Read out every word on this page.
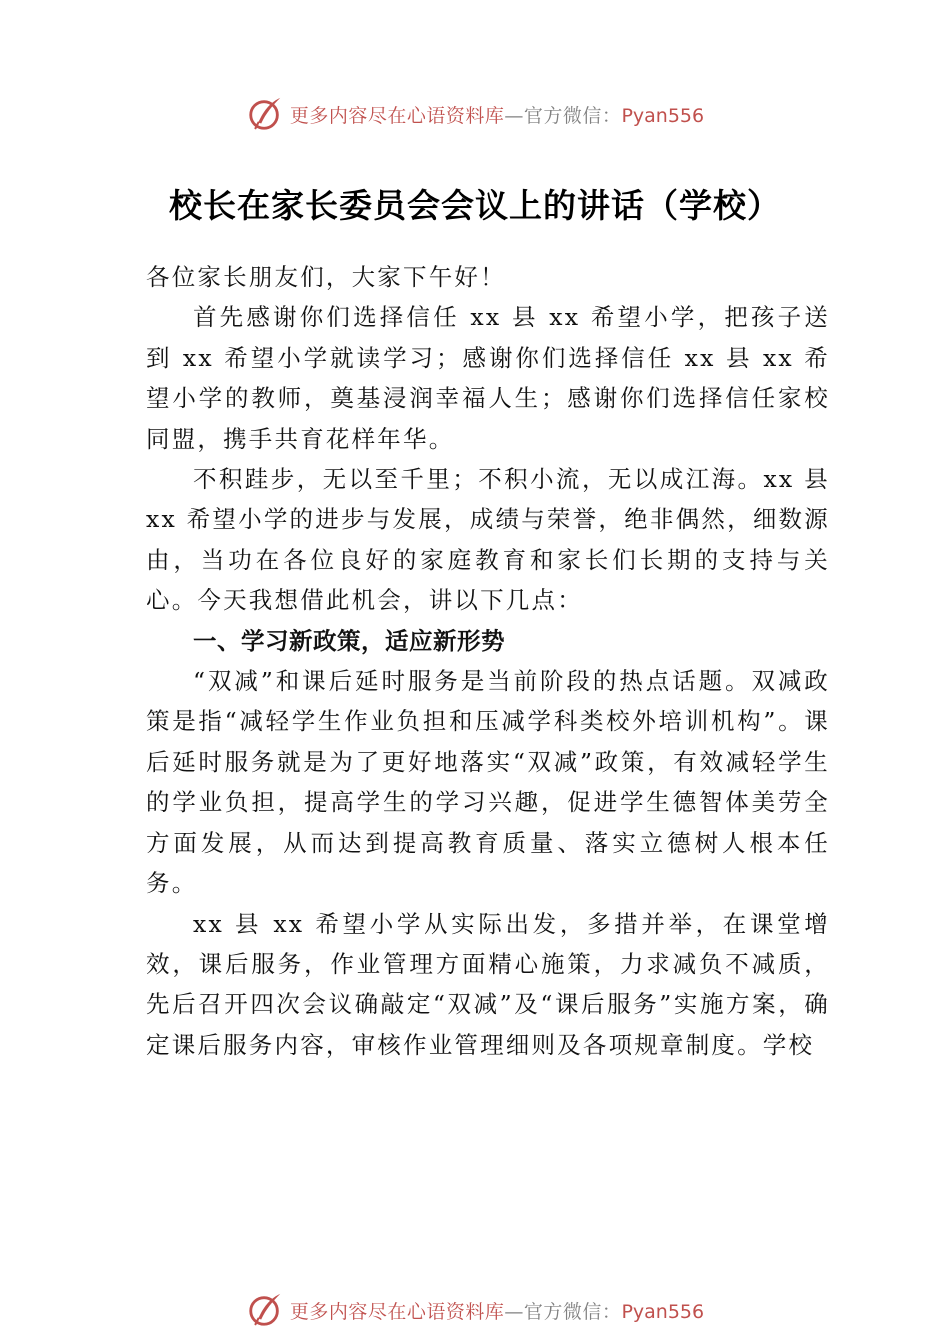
更多内容尽在心语资料库—官方微信：Pyan556
校长在家长委员会会议上的讲话（学校）

各位家长朋友们，大家下午好！

首先感谢你们选择信任 xx 县 xx 希望小学，把孩子送到 xx 希望小学就读学习；感谢你们选择信任 xx 县 xx 希望小学的教师，奠基浸润幸福人生；感谢你们选择信任家校同盟，携手共育花样年华。

不积跬步，无以至千里；不积小流，无以成江海。xx 县 xx 希望小学的进步与发展，成绩与荣誉，绝非偶然，细数源由，当功在各位良好的家庭教育和家长们长期的支持与关心。今天我想借此机会，讲以下几点：

一、学习新政策，适应新形势

“双减”和课后延时服务是当前阶段的热点话题。双减政策是指“减轻学生作业负担和压减学科类校外培训机构”。课后延时服务就是为了更好地落实“双减”政策，有效减轻学生的学业负担，提高学生的学习兴趣，促进学生德智体美劳全方面发展，从而达到提高教育质量、落实立德树人根本任务。

xx 县 xx 希望小学从实际出发，多措并举，在课堂增效，课后服务，作业管理方面精心施策，力求减负不减质，先后召开四次会议确敲定“双减”及“课后服务”实施方案，确定课后服务内容，审核作业管理细则及各项规章制度。学校

更多内容尽在心语资料库—官方微信：Pyan556
